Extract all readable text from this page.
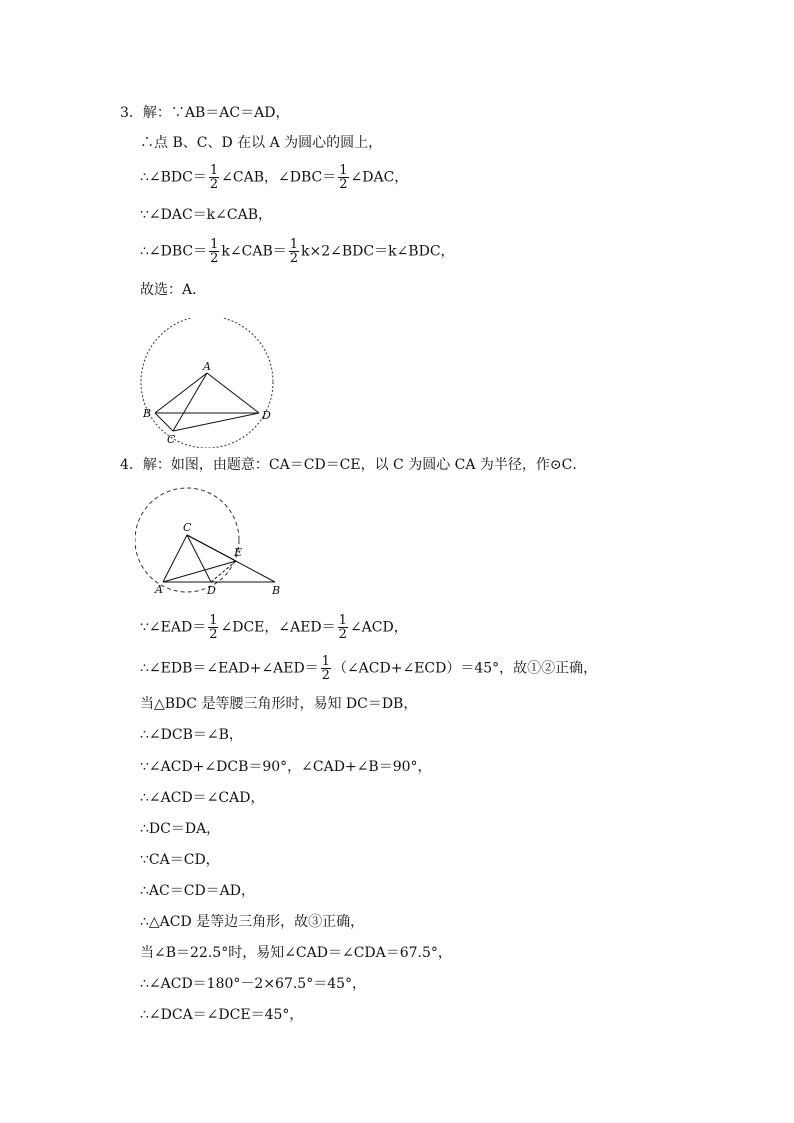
3．解：∵AB＝AC＝AD，
∴点 B、C、D 在以 A 为圆心的圆上，
∴∠BDC＝ $\frac{1}{2}$ ∠CAB，∠DBC＝ $\frac{1}{2}$ ∠DAC，
∵∠DAC＝k∠CAB，
∴∠DBC＝ $\frac{1}{2}$ k∠CAB＝ $\frac{1}{2}$ k×2∠BDC＝k∠BDC，
故选：A．
A
B
C
D
4．解：如图，由题意：CA＝CD＝CE，以 C 为圆心 CA 为半径，作⊙C．
C
E
A	D	B
∵∠EAD＝ $\frac{1}{2}$ ∠DCE，∠AED＝ $\frac{1}{2}$ ∠ACD，
∴∠EDB＝∠EAD+∠AED＝ $\frac{1}{2}$ （∠ACD+∠ECD）＝45°，故①②正确，
当△BDC 是等腰三角形时，易知 DC＝DB，
∴∠DCB＝∠B，
∵∠ACD+∠DCB＝90°，∠CAD+∠B＝90°，
∴∠ACD＝∠CAD，
∴DC＝DA，
∵CA＝CD，
∴AC＝CD＝AD，
∴△ACD 是等边三角形，故③正确，
当∠B＝22.5°时，易知∠CAD＝∠CDA＝67.5°，
∴∠ACD＝180°－2×67.5°＝45°，
∴∠DCA＝∠DCE＝45°，
